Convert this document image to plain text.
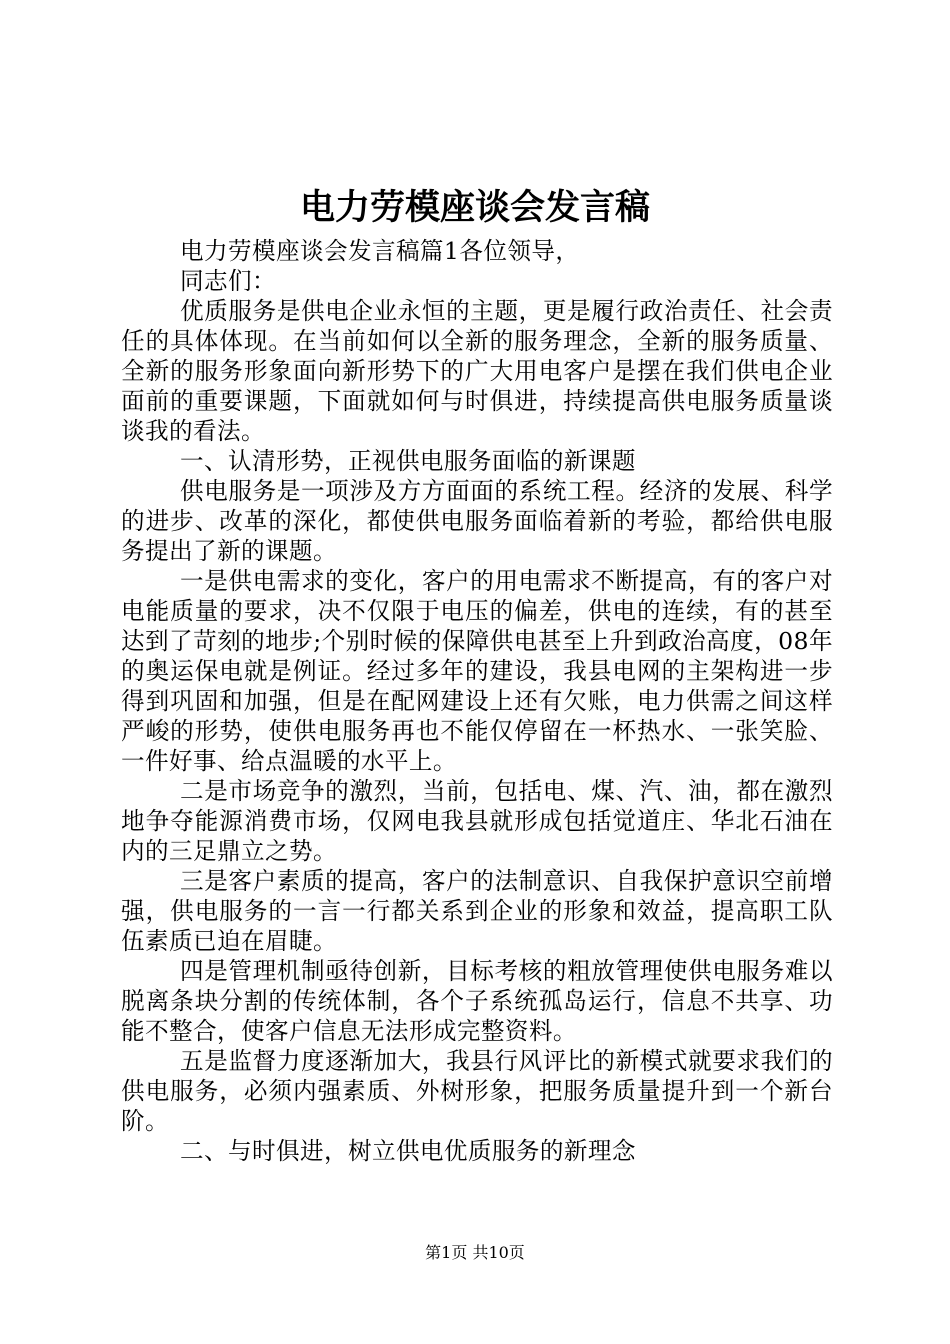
电力劳模座谈会发言稿

电力劳模座谈会发言稿篇1各位领导，

同志们：

优质服务是供电企业永恒的主题，更是履行政治责任、社会责任的具体体现。在当前如何以全新的服务理念，全新的服务质量、全新的服务形象面向新形势下的广大用电客户是摆在我们供电企业面前的重要课题，下面就如何与时俱进，持续提高供电服务质量谈谈我的看法。

一、认清形势，正视供电服务面临的新课题

供电服务是一项涉及方方面面的系统工程。经济的发展、科学的进步、改革的深化，都使供电服务面临着新的考验，都给供电服务提出了新的课题。

一是供电需求的变化，客户的用电需求不断提高，有的客户对电能质量的要求，决不仅限于电压的偏差，供电的连续，有的甚至达到了苛刻的地步;个别时候的保障供电甚至上升到政治高度，08年的奥运保电就是例证。经过多年的建设，我县电网的主架构进一步得到巩固和加强，但是在配网建设上还有欠账，电力供需之间这样严峻的形势，使供电服务再也不能仅停留在一杯热水、一张笑脸、一件好事、给点温暖的水平上。

二是市场竞争的激烈，当前，包括电、煤、汽、油，都在激烈地争夺能源消费市场，仅网电我县就形成包括觉道庄、华北石油在内的三足鼎立之势。

三是客户素质的提高，客户的法制意识、自我保护意识空前增强，供电服务的一言一行都关系到企业的形象和效益，提高职工队伍素质已迫在眉睫。

四是管理机制亟待创新，目标考核的粗放管理使供电服务难以脱离条块分割的传统体制，各个子系统孤岛运行，信息不共享、功能不整合，使客户信息无法形成完整资料。

五是监督力度逐渐加大，我县行风评比的新模式就要求我们的供电服务，必须内强素质、外树形象，把服务质量提升到一个新台阶。

二、与时俱进，树立供电优质服务的新理念

第1页 共10页
